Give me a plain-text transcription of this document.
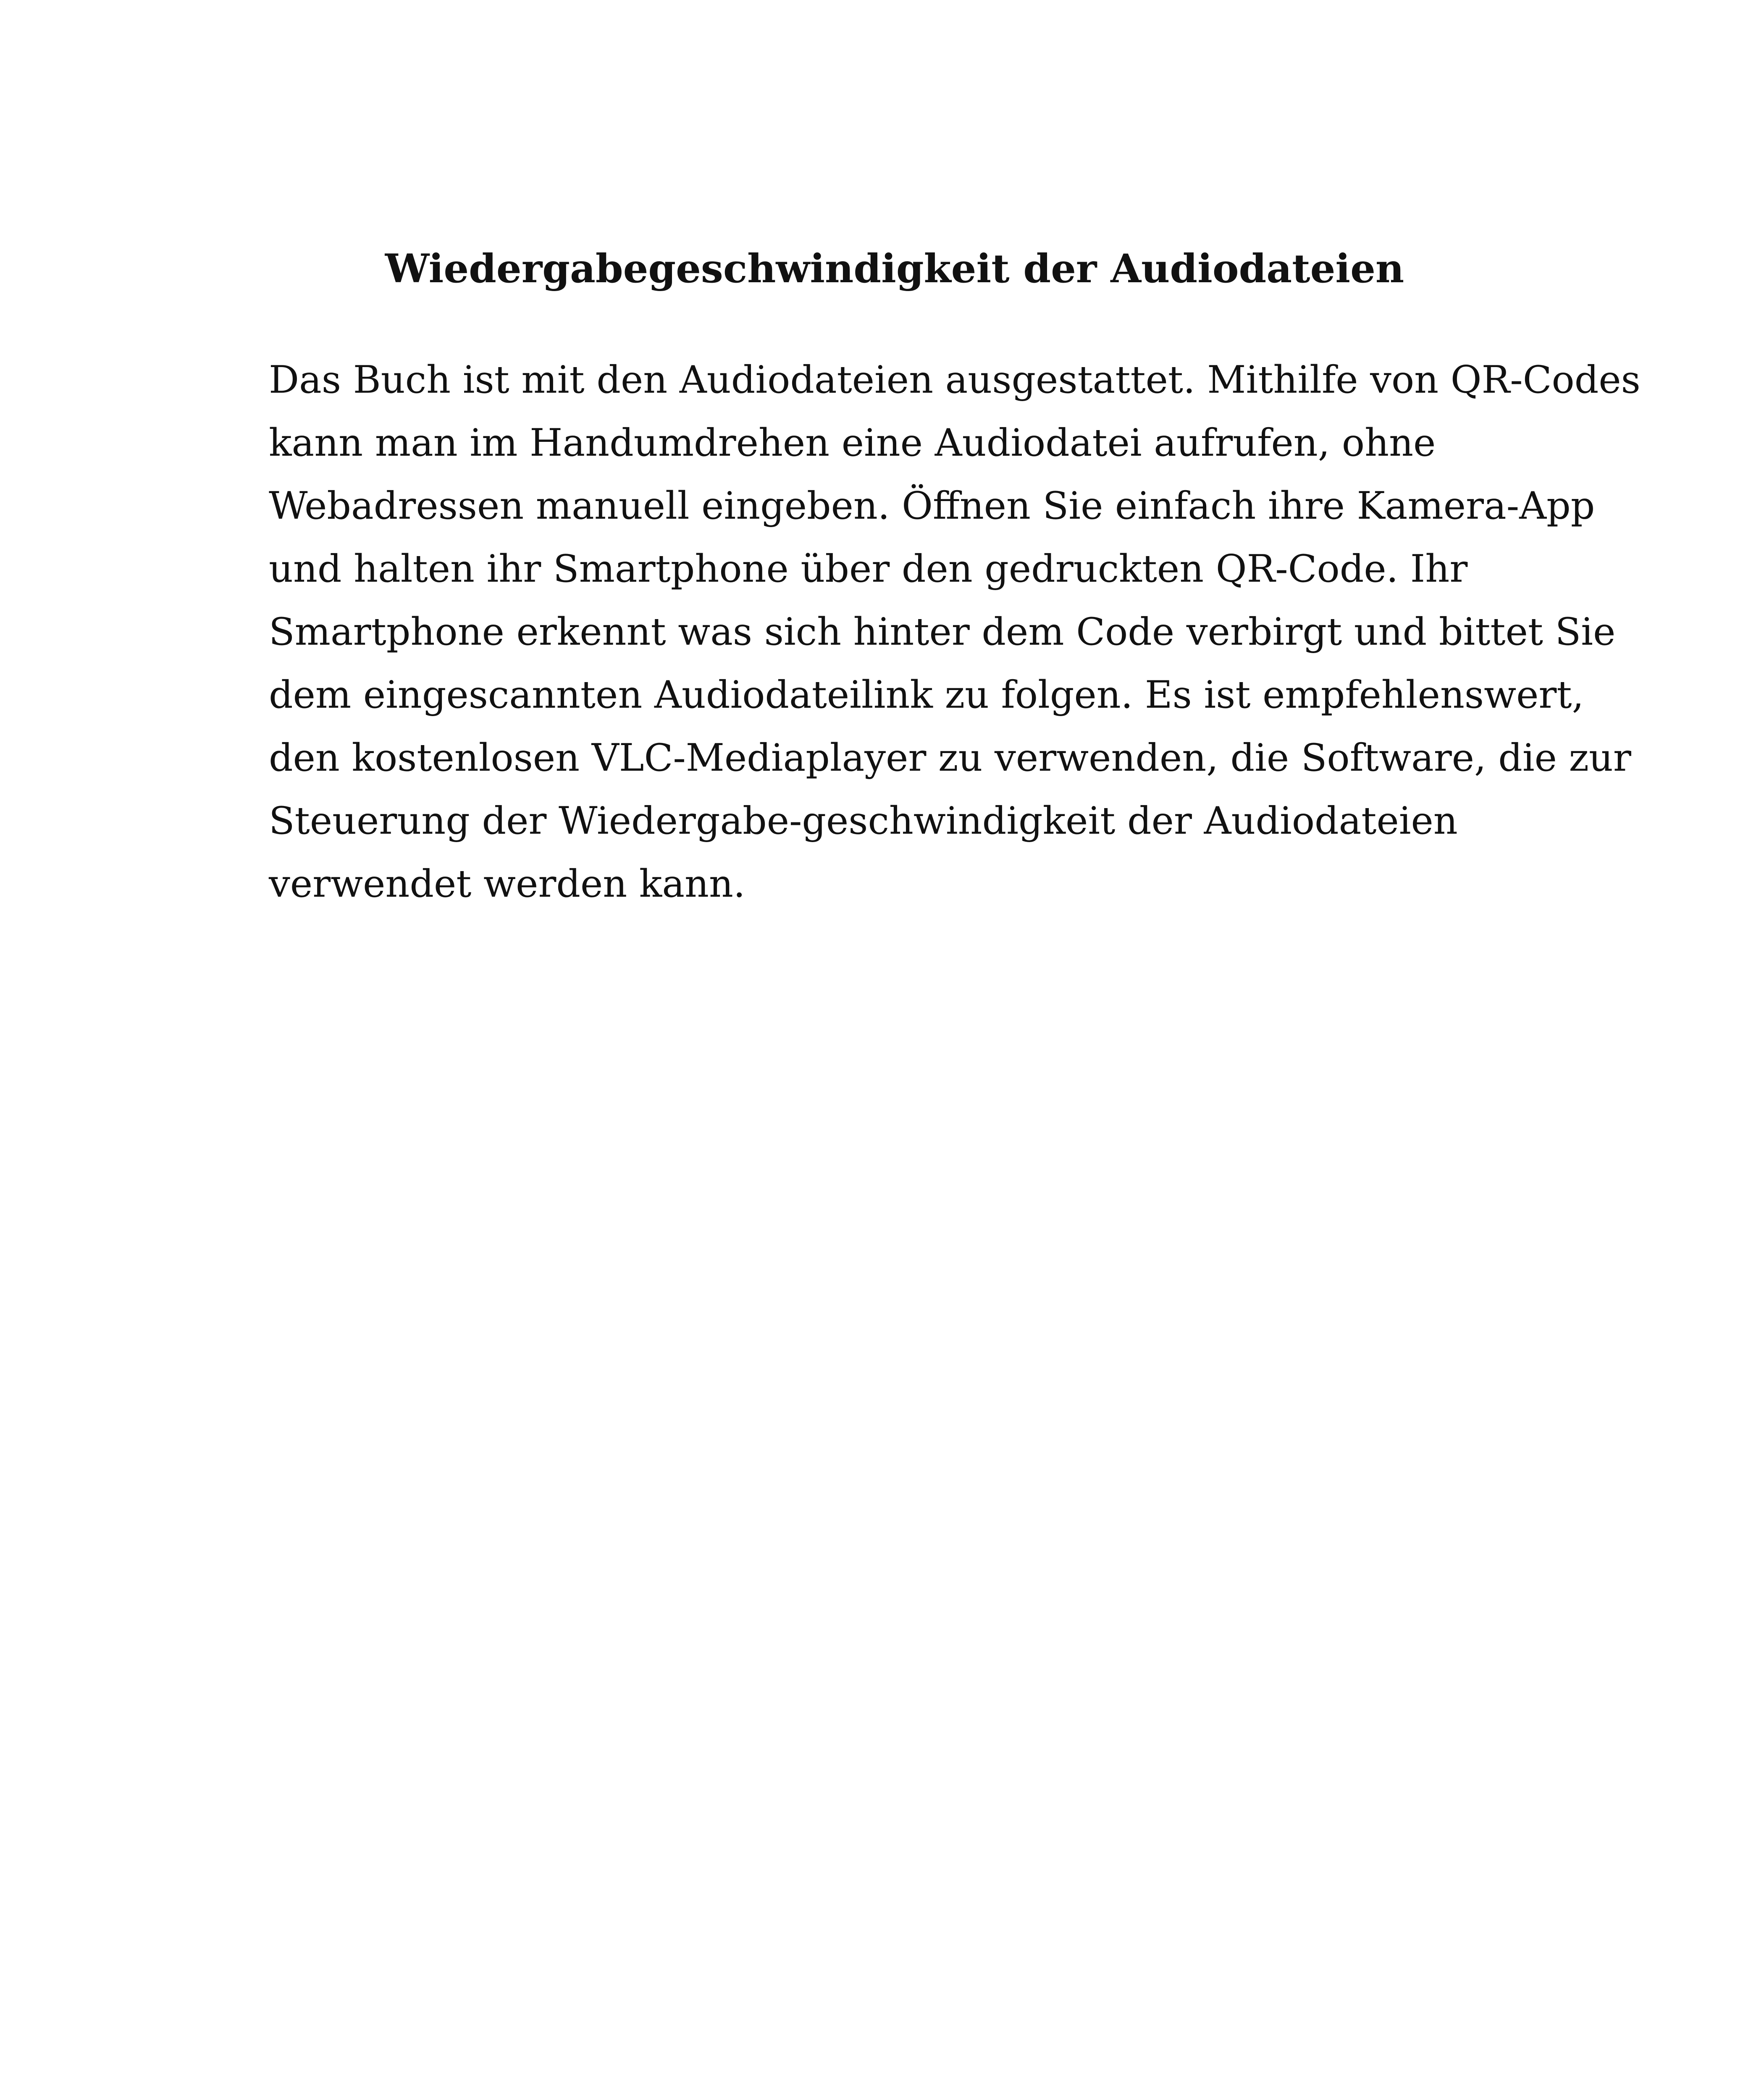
Wiedergabegeschwindigkeit der Audiodateien
Das Buch ist mit den Audiodateien ausgestattet. Mithilfe von QR-Codes
kann man im Handumdrehen eine Audiodatei aufrufen, ohne
Webadressen manuell eingeben. Öffnen Sie einfach ihre Kamera-App
und halten ihr Smartphone über den gedruckten QR-Code. Ihr
Smartphone erkennt was sich hinter dem Code verbirgt und bittet Sie
dem eingescannten Audiodateilink zu folgen. Es ist empfehlenswert,
den kostenlosen VLC-Mediaplayer zu verwenden, die Software, die zur
Steuerung der Wiedergabe-geschwindigkeit der Audiodateien
verwendet werden kann.
